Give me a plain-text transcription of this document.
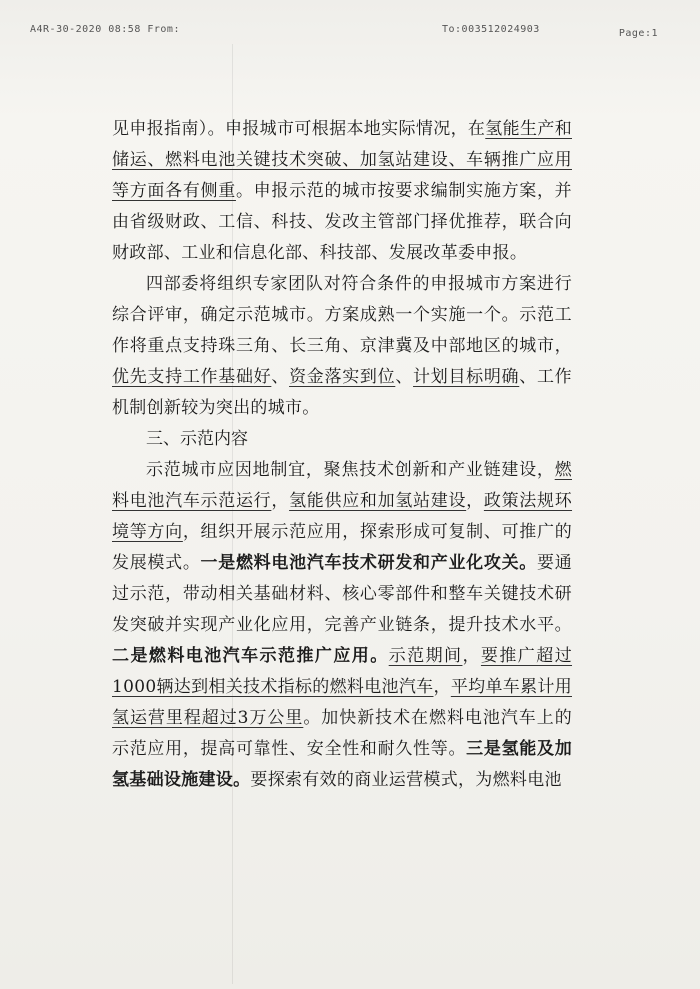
A4R-30-2020 08:58 From:	To:003512024903	Page:1

见申报指南）。申报城市可根据本地实际情况，在氢能生产和储运、燃料电池关键技术突破、加氢站建设、车辆推广应用等方面各有侧重。申报示范的城市按要求编制实施方案，并由省级财政、工信、科技、发改主管部门择优推荐，联合向财政部、工业和信息化部、科技部、发展改革委申报。

四部委将组织专家团队对符合条件的申报城市方案进行综合评审，确定示范城市。方案成熟一个实施一个。示范工作将重点支持珠三角、长三角、京津冀及中部地区的城市，优先支持工作基础好、资金落实到位、计划目标明确、工作机制创新较为突出的城市。

三、示范内容

示范城市应因地制宜，聚焦技术创新和产业链建设，燃料电池汽车示范运行，氢能供应和加氢站建设，政策法规环境等方向，组织开展示范应用，探索形成可复制、可推广的发展模式。一是燃料电池汽车技术研发和产业化攻关。要通过示范，带动相关基础材料、核心零部件和整车关键技术研发突破并实现产业化应用，完善产业链条，提升技术水平。二是燃料电池汽车示范推广应用。示范期间，要推广超过1000辆达到相关技术指标的燃料电池汽车，平均单车累计用氢运营里程超过3万公里。加快新技术在燃料电池汽车上的示范应用，提高可靠性、安全性和耐久性等。三是氢能及加氢基础设施建设。要探索有效的商业运营模式，为燃料电池
